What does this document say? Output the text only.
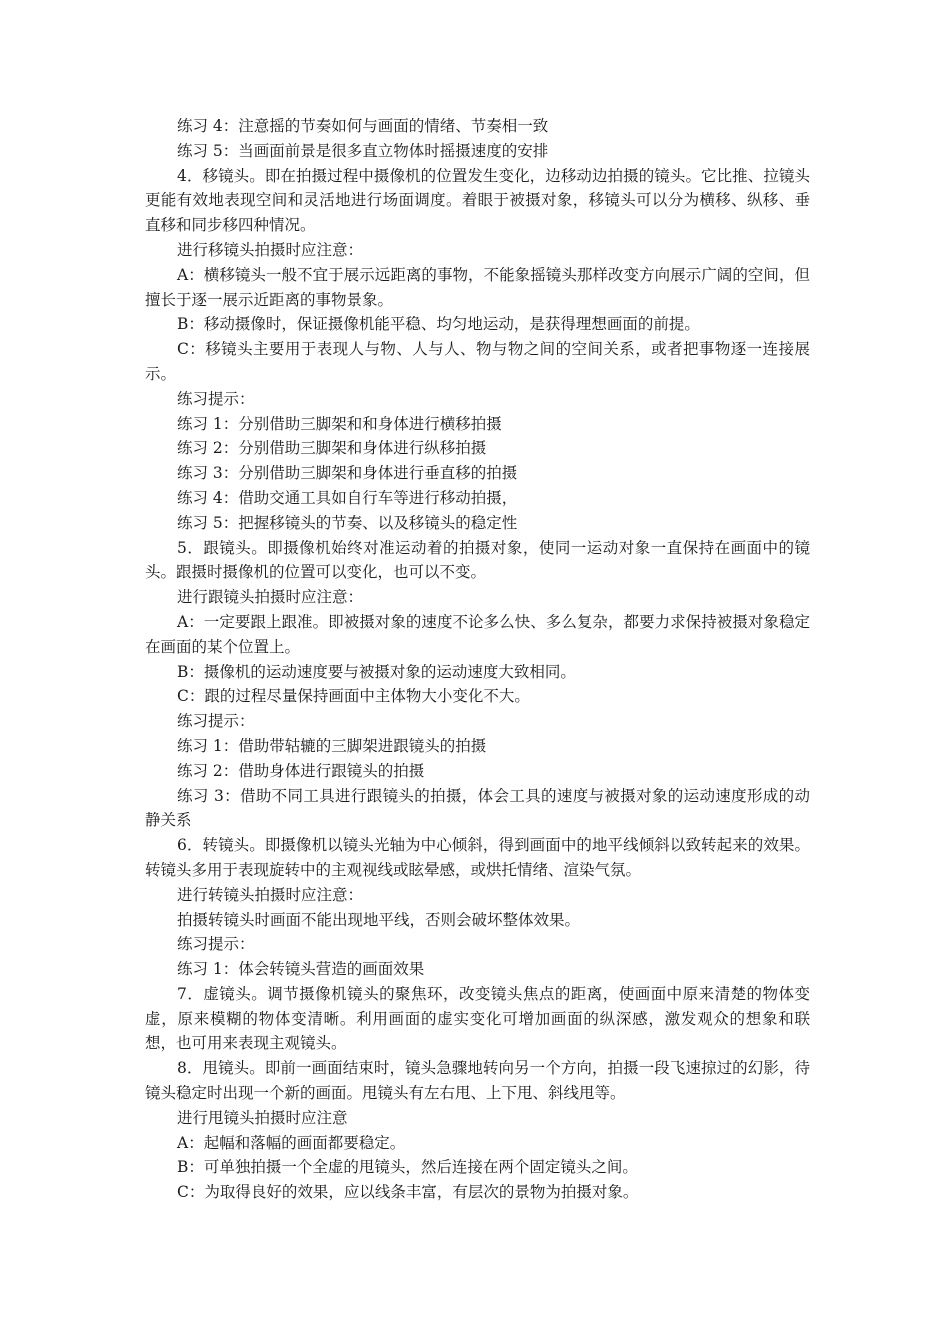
练习 4：注意摇的节奏如何与画面的情绪、节奏相一致

练习 5：当画面前景是很多直立物体时摇摄速度的安排

4．移镜头。即在拍摄过程中摄像机的位置发生变化，边移动边拍摄的镜头。它比推、拉镜头更能有效地表现空间和灵活地进行场面调度。着眼于被摄对象，移镜头可以分为横移、纵移、垂直移和同步移四种情况。

进行移镜头拍摄时应注意：

A：横移镜头一般不宜于展示远距离的事物，不能象摇镜头那样改变方向展示广阔的空间，但擅长于逐一展示近距离的事物景象。

B：移动摄像时，保证摄像机能平稳、均匀地运动，是获得理想画面的前提。

C：移镜头主要用于表现人与物、人与人、物与物之间的空间关系，或者把事物逐一连接展示。

练习提示：

练习 1：分别借助三脚架和和身体进行横移拍摄

练习 2：分别借助三脚架和身体进行纵移拍摄

练习 3：分别借助三脚架和身体进行垂直移的拍摄

练习 4：借助交通工具如自行车等进行移动拍摄，

练习 5：把握移镜头的节奏、以及移镜头的稳定性

5．跟镜头。即摄像机始终对准运动着的拍摄对象，使同一运动对象一直保持在画面中的镜头。跟摄时摄像机的位置可以变化，也可以不变。

进行跟镜头拍摄时应注意：

A：一定要跟上跟准。即被摄对象的速度不论多么快、多么复杂，都要力求保持被摄对象稳定在画面的某个位置上。

B：摄像机的运动速度要与被摄对象的运动速度大致相同。

C：跟的过程尽量保持画面中主体物大小变化不大。

练习提示：

练习 1：借助带轱辘的三脚架进跟镜头的拍摄

练习 2：借助身体进行跟镜头的拍摄

练习 3：借助不同工具进行跟镜头的拍摄，体会工具的速度与被摄对象的运动速度形成的动静关系

6．转镜头。即摄像机以镜头光轴为中心倾斜，得到画面中的地平线倾斜以致转起来的效果。转镜头多用于表现旋转中的主观视线或眩晕感，或烘托情绪、渲染气氛。

进行转镜头拍摄时应注意：

拍摄转镜头时画面不能出现地平线，否则会破坏整体效果。

练习提示：

练习 1：体会转镜头营造的画面效果

7．虚镜头。调节摄像机镜头的聚焦环，改变镜头焦点的距离，使画面中原来清楚的物体变虚，原来模糊的物体变清晰。利用画面的虚实变化可增加画面的纵深感，激发观众的想象和联想，也可用来表现主观镜头。

8．甩镜头。即前一画面结束时，镜头急骤地转向另一个方向，拍摄一段飞速掠过的幻影，待镜头稳定时出现一个新的画面。甩镜头有左右甩、上下甩、斜线甩等。

进行甩镜头拍摄时应注意

A：起幅和落幅的画面都要稳定。

B：可单独拍摄一个全虚的甩镜头，然后连接在两个固定镜头之间。

C：为取得良好的效果，应以线条丰富，有层次的景物为拍摄对象。
